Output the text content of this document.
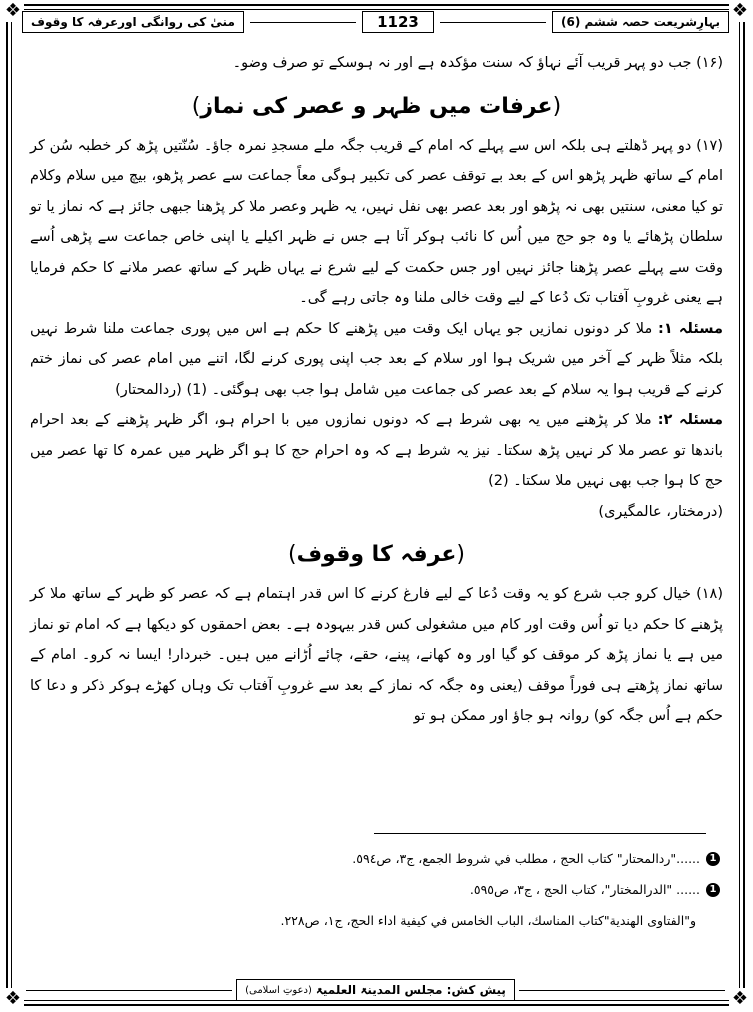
❖	❖
❖	❖
منیٰ کی روانگی اورعرفہ کا وقوف	1123	بہارِشریعت حصہ ششم (6)

(۱۶) جب دو پہر قریب آئے نہاؤ کہ سنت مؤکدہ ہے اور نہ ہوسکے تو صرف وضو۔

(عرفات میں ظہر و عصر کی نماز)

(۱۷) دو پہر ڈھلتے ہی بلکہ اس سے پہلے کہ امام کے قریب جگہ ملے مسجدِ نمرہ جاؤ۔ سُنّتیں پڑھ کر خطبہ سُن کر امام کے ساتھ ظہر پڑھو اس کے بعد بے توقف عصر کی تکبیر ہوگی معاً جماعت سے عصر پڑھو، بیچ میں سلام وکلام تو کیا معنی، سنتیں بھی نہ پڑھو اور بعد عصر بھی نفل نہیں، یہ ظہر وعصر ملا کر پڑھنا جبھی جائز ہے کہ نماز یا تو سلطان پڑھائے یا وہ جو حج میں اُس کا نائب ہوکر آتا ہے جس نے ظہر اکیلے یا اپنی خاص جماعت سے پڑھی اُسے وقت سے پہلے عصر پڑھنا جائز نہیں اور جس حکمت کے لیے شرع نے یہاں ظہر کے ساتھ عصر ملانے کا حکم فرمایا ہے یعنی غروبِ آفتاب تک دُعا کے لیے وقت خالی ملنا وہ جاتی رہے گی۔

مسئلہ ۱: ملا کر دونوں نمازیں جو یہاں ایک وقت میں پڑھنے کا حکم ہے اس میں پوری جماعت ملنا شرط نہیں بلکہ مثلاً ظہر کے آخر میں شریک ہوا اور سلام کے بعد جب اپنی پوری کرنے لگا، اتنے میں امام عصر کی نماز ختم کرنے کے قریب ہوا یہ سلام کے بعد عصر کی جماعت میں شامل ہوا جب بھی ہوگئی۔ (1) (ردالمحتار)

مسئلہ ۲: ملا کر پڑھنے میں یہ بھی شرط ہے کہ دونوں نمازوں میں با احرام ہو، اگر ظہر پڑھنے کے بعد احرام باندھا تو عصر ملا کر نہیں پڑھ سکتا۔ نیز یہ شرط ہے کہ وہ احرام حج کا ہو اگر ظہر میں عمرہ کا تھا عصر میں حج کا ہوا جب بھی نہیں ملا سکتا۔ (2)

(درمختار، عالمگیری)

(عرفہ کا وقوف)

(۱۸) خیال کرو جب شرع کو یہ وقت دُعا کے لیے فارغ کرنے کا اس قدر اہتمام ہے کہ عصر کو ظہر کے ساتھ ملا کر پڑھنے کا حکم دیا تو اُس وقت اور کام میں مشغولی کس قدر بیہودہ ہے۔ بعض احمقوں کو دیکھا ہے کہ امام تو نماز میں ہے یا نماز پڑھ کر موقف کو گیا اور وہ کھانے، پینے، حقے، چائے اُڑانے میں ہیں۔ خبردار! ایسا نہ کرو۔ امام کے ساتھ نماز پڑھتے ہی فوراً موقف (یعنی وہ جگہ کہ نماز کے بعد سے غروبِ آفتاب تک وہاں کھڑے ہوکر ذکر و دعا کا حکم ہے اُس جگہ کو) روانہ ہو جاؤ اور ممکن ہو تو

1
......"ردالمحتار" كتاب الحج ، مطلب في شروط الجمع، ج٣، ص٥٩٤.
1
...... "الدرالمختار"، كتاب الحج ، ج٣، ص٥٩٥.
و"الفتاوى الهندية"كتاب المناسك، الباب الخامس في كيفية اداء الحج، ج١، ص٢٢٨.
پیش کش: مجلس المدینۃ العلمیۃ
(دعوتِ اسلامی)
